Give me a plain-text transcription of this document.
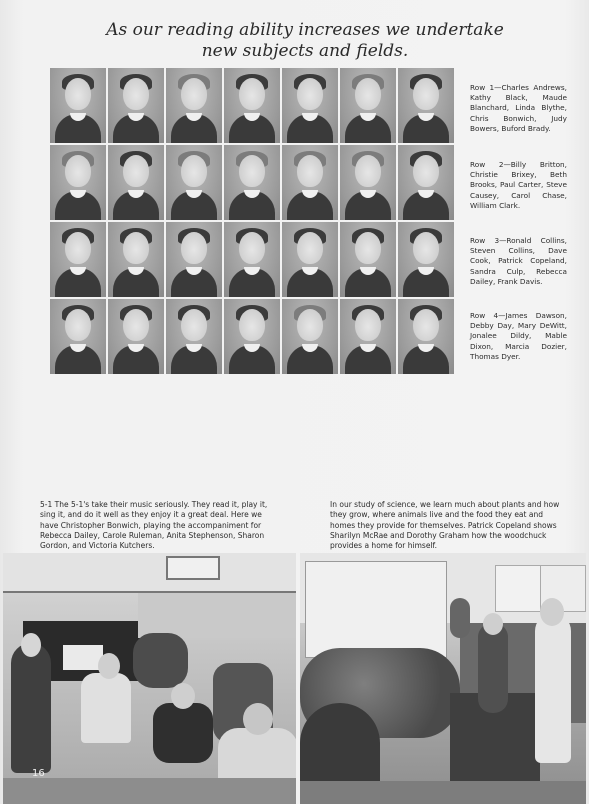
As our reading ability increases we undertake
new subjects and fields.
Row 1—Charles Andrews, Kathy Black, Maude Blanchard, Linda Blythe, Chris Bonwich, Judy Bowers, Buford Brady.
Row 2—Billy Britton, Christie Brixey, Beth Brooks, Paul Carter, Steve Causey, Carol Chase, William Clark.
Row 3—Ronald Collins, Steven Collins, Dave Cook, Patrick Copeland, Sandra Culp, Rebecca Dailey, Frank Davis.
Row 4—James Dawson, Debby Day, Mary DeWitt, Jonalee Dildy, Mable Dixon, Marcia Dozier, Thomas Dyer.
5-1 The 5-1's take their music seriously. They read it, play it, sing it, and do it well as they enjoy it a great deal. Here we have Christopher Bonwich, playing the accompaniment for Rebecca Dailey, Carole Ruleman, Anita Stephenson, Sharon Gordon, and Victoria Kutchers.
In our study of science, we learn much about plants and how they grow, where animals live and the food they eat and homes they provide for themselves. Patrick Copeland shows Sharilyn McRae and Dorothy Graham how the woodchuck provides a home for himself.
16
